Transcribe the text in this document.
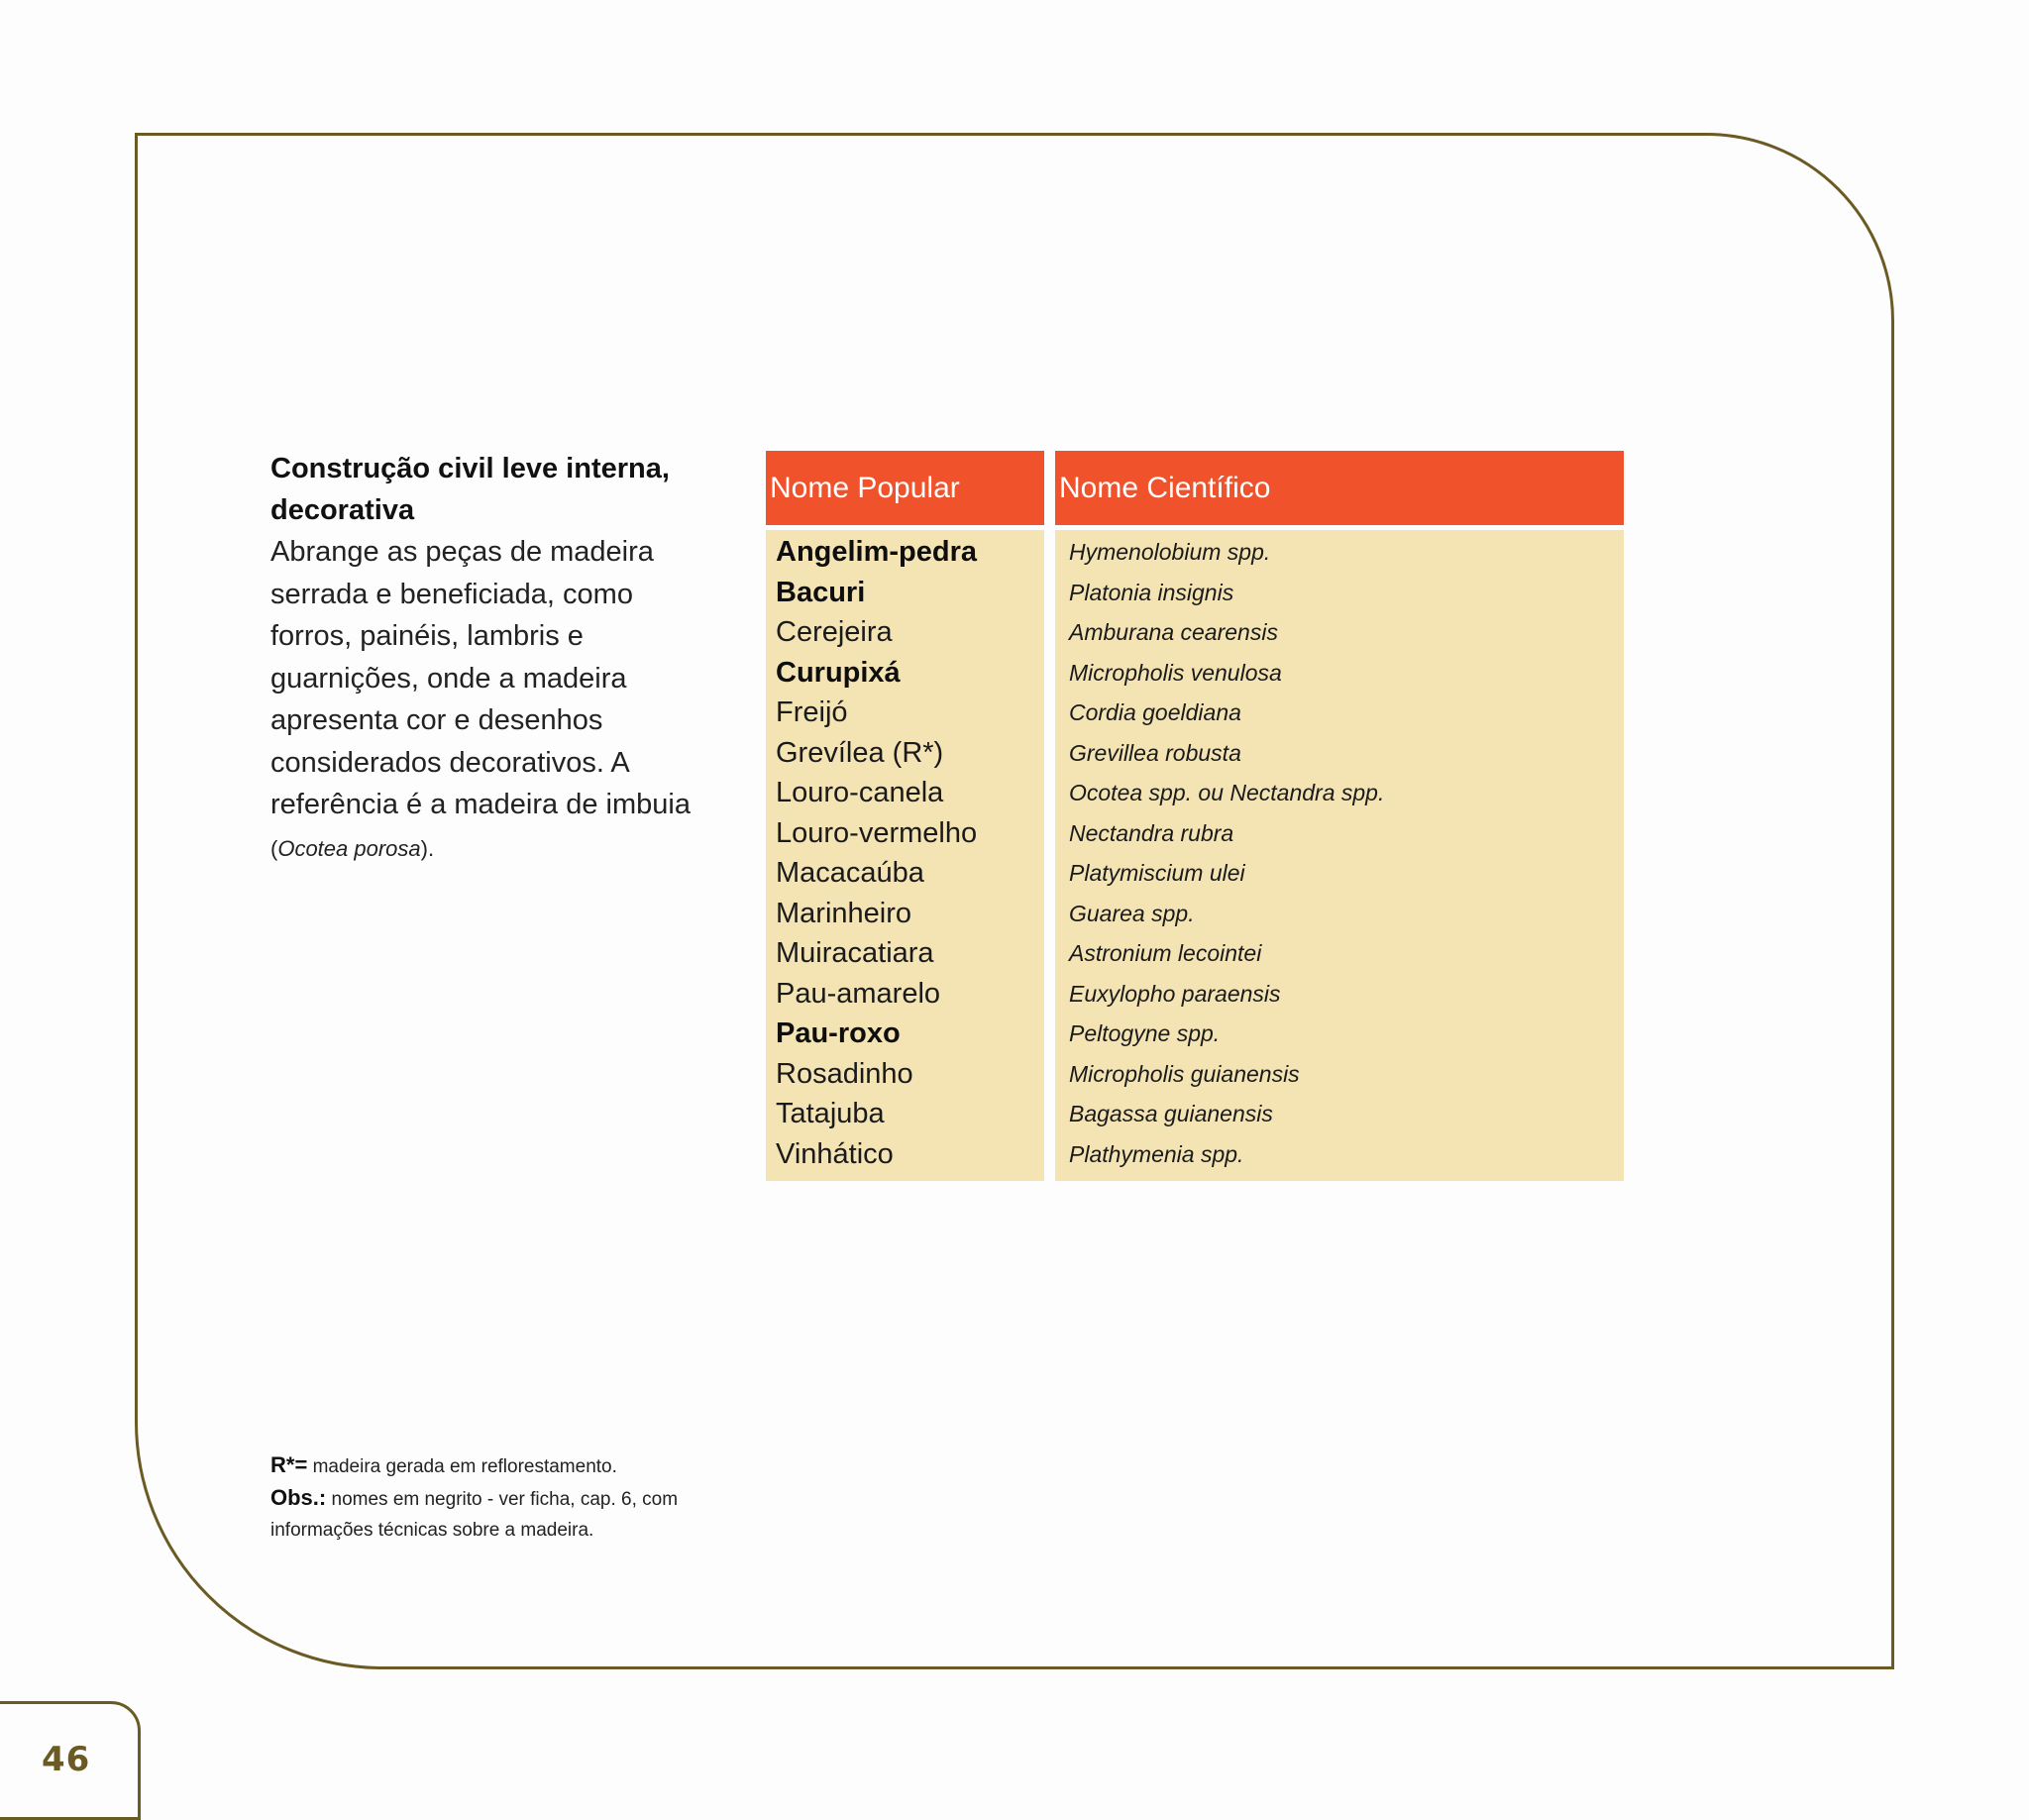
46
Construção civil leve interna, decorativa
Abrange as peças de madeira serrada e beneficiada, como forros, painéis, lambris e guarnições, onde a madeira apresenta cor e desenhos considerados decorativos. A referência é a madeira de imbuia (Ocotea porosa).
Nome Popular
Angelim-pedra
Bacuri
Cerejeira
Curupixá
Freijó
Grevílea (R*)
Louro-canela
Louro-vermelho
Macacaúba
Marinheiro
Muiracatiara
Pau-amarelo
Pau-roxo
Rosadinho
Tatajuba
Vinhático
Nome Científico
Hymenolobium spp.
Platonia insignis
Amburana cearensis
Micropholis venulosa
Cordia goeldiana
Grevillea robusta
Ocotea spp. ou Nectandra spp.
Nectandra rubra
Platymiscium ulei
Guarea spp.
Astronium lecointei
Euxylopho paraensis
Peltogyne spp.
Micropholis guianensis
Bagassa guianensis
Plathymenia spp.
R*= madeira gerada em reflorestamento.
Obs.: nomes em negrito - ver ficha, cap. 6, com informações técnicas sobre a madeira.
